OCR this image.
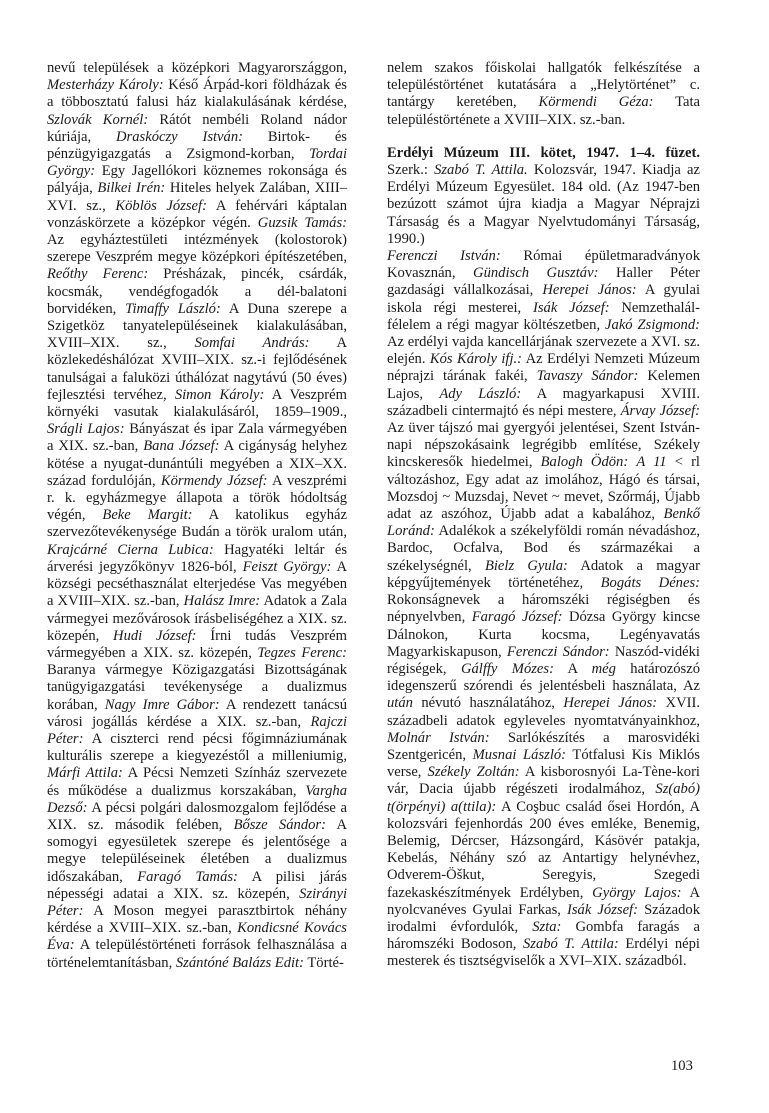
nevű települések a középkori Magyarországgon, Mesterházy Károly: Késő Árpád-kori földházak és a többosztatú falusi ház kialakulásának kérdése, Szlovák Kornél: Rátót nembéli Roland nádor kúriája, Draskóczy István: Birtok- és pénzügyigazgatás a Zsigmond-korban, Tordai György: Egy Jagellókori köznemes rokonsága és pályája, Bilkei Irén: Hiteles helyek Zalában, XIII–XVI. sz., Köblös József: A fehérvári káptalan vonzáskörzete a középkor végén. Guzsik Tamás: Az egyháztestületi intézmények (kolostorok) szerepe Veszprém megye középkori építészetében, Reőthy Ferenc: Présházak, pincék, csárdák, kocsmák, vendégfogadók a dél-balatoni borvidéken, Timaffy László: A Duna szerepe a Szigetköz tanyatelepüléseinek kialakulásában, XVIII–XIX. sz., Somfai András: A közlekedéshálózat XVIII–XIX. sz.-i fejlődésének tanulságai a faluközi úthálózat nagytávú (50 éves) fejlesztési tervéhez, Simon Károly: A Veszprém környéki vasutak kialakulásáról, 1859–1909., Srágli Lajos: Bányászat és ipar Zala vármegyében a XIX. sz.-ban, Bana József: A cigányság helyhez kötése a nyugat-dunántúli megyében a XIX–XX. század fordulóján, Körmendy József: A veszprémi r. k. egyházmegye állapota a török hódoltság végén, Beke Margit: A katolikus egyház szervezőtevékenysége Budán a török uralom után, Krajcárné Cierna Lubica: Hagyatéki leltár és árverési jegyzőkönyv 1826-ból, Feiszt György: A községi pecséthasználat elterjedése Vas megyében a XVIII–XIX. sz.-ban, Halász Imre: Adatok a Zala vármegyei mezővárosok írásbeliségéhez a XIX. sz. közepén, Hudi József: Írni tudás Veszprém vármegyében a XIX. sz. közepén, Tegzes Ferenc: Baranya vármegye Közigazgatási Bizottságának tanügyigazgatási tevékenysége a dualizmus korában, Nagy Imre Gábor: A rendezett tanácsú városi jogállás kérdése a XIX. sz.-ban, Rajczi Péter: A ciszterci rend pécsi főgimnáziumának kulturális szerepe a kiegyezéstől a milleniumig, Márfi Attila: A Pécsi Nemzeti Színház szervezete és működése a dualizmus korszakában, Vargha Dezső: A pécsi polgári dalosmozgalom fejlődése a XIX. sz. második felében, Bősze Sándor: A somogyi egyesületek szerepe és jelentősége a megye településeinek életében a dualizmus időszakában, Faragó Tamás: A pilisi járás népességi adatai a XIX. sz. közepén, Szirányi Péter: A Moson megyei parasztbirtok néhány kérdése a XVIII–XIX. sz.-ban, Kondicsné Kovács Éva: A településtörténeti források felhasználása a történelemtanításban, Szántóné Balázs Edit: Törté-

nelem szakos főiskolai hallgatók felkészítése a településtörténet kutatására a „Helytörténet” c. tantárgy keretében, Körmendi Géza: Tata településtörténete a XVIII–XIX. sz.-ban.

Erdélyi Múzeum III. kötet, 1947. 1–4. füzet. Szerk.: Szabó T. Attila. Kolozsvár, 1947. Kiadja az Erdélyi Múzeum Egyesület. 184 old. (Az 1947-ben bezúzott számot újra kiadja a Magyar Néprajzi Társaság és a Magyar Nyelvtudományi Társaság, 1990.)

Ferenczi István: Római épületmaradványok Kovasznán, Gündisch Gusztáv: Haller Péter gazdasági vállalkozásai, Herepei János: A gyulai iskola régi mesterei, Isák József: Nemzethalál-félelem a régi magyar költészetben, Jakó Zsigmond: Az erdélyi vajda kancellárjának szervezete a XVI. sz. elején. Kós Károly ifj.: Az Erdélyi Nemzeti Múzeum néprajzi tárának fakéi, Tavaszy Sándor: Kelemen Lajos, Ady László: A magyarkapusi XVIII. századbeli cintermajtó és népi mestere, Árvay József: Az üver tájszó mai gyergyói jelentései, Szent István-napi népszokásaink legrégibb említése, Székely kincskeresők hiedelmei, Balogh Ödön: A 11 < rl változáshoz, Egy adat az imolához, Hágó és társai, Mozsdoj ~ Muzsdaj, Nevet ~ mevet, Szőrmáj, Újabb adat az aszóhoz, Újabb adat a kabalához, Benkő Loránd: Adalékok a székelyföldi román névadáshoz, Bardoc, Ocfalva, Bod és származékai a székelységnél, Bielz Gyula: Adatok a magyar képgyűjtemények történetéhez, Bogáts Dénes: Rokonságnevek a háromszéki régiségben és népnyelvben, Faragó József: Dózsa György kincse Dálnokon, Kurta kocsma, Legényavatás Magyarkiskapuson, Ferenczi Sándor: Naszód-vidéki régiségek, Gálffy Mózes: A még határozószó idegenszerű szórendi és jelentésbeli használata, Az után névutó használatához, Herepei János: XVII. századbeli adatok egyleveles nyomtatványainkhoz, Molnár István: Sarlókészítés a marosvidéki Szentgericén, Musnai László: Tótfalusi Kis Miklós verse, Székely Zoltán: A kisborosnyói La-Tène-kori vár, Dacia újabb régészeti irodalmához, Sz(abó) t(örpényi) a(ttila): A Coşbuc család ősei Hordón, A kolozsvári fejenhordás 200 éves emléke, Benemig, Belemig, Dércser, Házsongárd, Kásövér patakja, Kebelás, Néhány szó az Antartigy helynévhez, Odverem-Öškut, Seregyis, Szegedi fazekaskészítmények Erdélyben, György Lajos: A nyolcvanéves Gyulai Farkas, Isák József: Századok irodalmi évfordulók, Szta: Gombfa faragás a háromszéki Bodoson, Szabó T. Attila: Erdélyi népi mesterek és tisztségviselők a XVI–XIX. századból.

103
